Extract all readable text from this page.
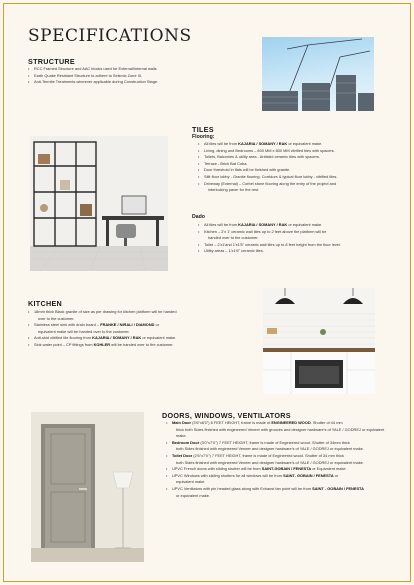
SPECIFICATIONS
STRUCTURE
• RCC Framed Structure and AAC blocks used for External/Internal walls
• Earth Quake Resistant Structure to adhere to Seismic Zone III.
• Anti-Termite Treatments wherever applicable during Construction Stage.
TILES
Flooring:
• All tiles will be from KAJARIA / SOMANY / RAK or equivalent make.
• Living, dining and Bedrooms – 800 MM x 800 MM vitrified tiles with spacers.
• Toilets, Balconies & utility area - Antiskid ceramic tiles with spacers.
• Terrace - Brick Bat Coba.
• Door threshold in flats will be finished with granite.
• Stilt floor lobby - Granite flooring. Corridors & typical floor lobby - vitrified tiles.
• Driveway (External) – Corbel stone flooring along the entry of the project and
interlocking paver for the rest.
Dado
• All tiles will be from KAJARIA / SOMANY / RAK or equivalent make.
• Kitchen – 2'x 1' ceramic wall tiles up to 2 feet above the platform will be
handed over to the customer.
• Toilet – 2'x1'and 1'x1'6" ceramic wall tiles up to 8 feet height from the floor level.
• Utility areas – 1'x1'6" ceramic tiles.
KITCHEN
• 18mm thick Black granite of size as per drawing for kitchen platform will be handed
over to the customer.
• Stainless steel sink with drain board – FRANKE / NIRALI / DIAMOND or
equivalent make will be handed over to the customer.
• Anti-skid vitrified tile flooring from KAJARIA / SOMANY / RAK or equivalent make.
• Sink water point – CP fittings from KOHLER will be handed over to the customer.
DOORS, WINDOWS, VENTILATORS
• Main Door (3'6"x8'0") 8 FEET HEIGHT, frame is made of ENGINEERED WOOD. Shutter of 44 mm
thick both Sides finished with engineered Veneer with grooves and designer hardware's of YALE / GODREJ or equivalent make.
• Bedroom Door (3'0"x7'0") 7 FEET HEIGHT, frame is made of Engineered wood. Shutter of 34mm thick
both Sides finished with engineered Veneer and designer hardware's of YALE / GODREJ or equivalent make.
• Toilet Door (2'6"x7'0") 7 FEET HEIGHT, frame is made of Engineered wood. Shutter of 34 mm thick
both Sides finished with engineered Veneer and designer hardware's of YALE / GODREJ or equivalent make.
• UPVC French doors with sliding shutter will be from SAINT-GOBAIN / FENESTA or Equivalent make.
• UPVC Windows with sliding shutters for all windows will be from SAINT- GOBAIN / FENESTA or
equivalent make.
• UPVC Ventilators with pin headed glass along with Exhaust fan point will be from SAINT - GOBAIN / FENESTA
or equivalent make.
